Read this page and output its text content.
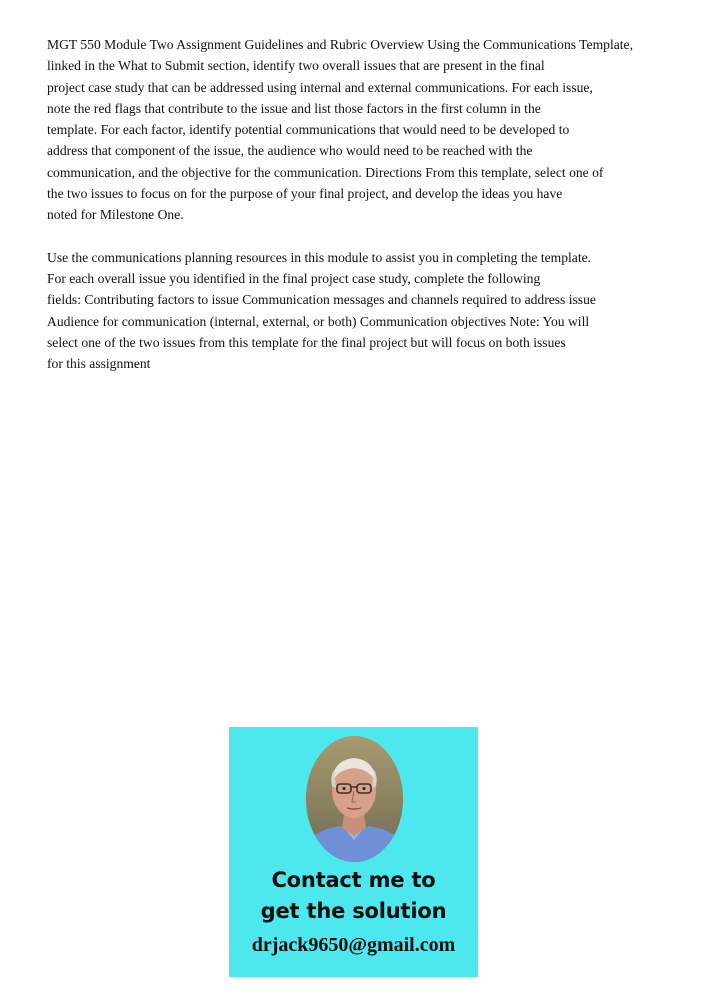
MGT 550 Module Two Assignment Guidelines and Rubric Overview Using the Communications Template,
linked in the What to Submit section, identify two overall issues that are present in the final
project case study that can be addressed using internal and external communications. For each issue,
note the red flags that contribute to the issue and list those factors in the first column in the
template. For each factor, identify potential communications that would need to be developed to
address that component of the issue, the audience who would need to be reached with the
communication, and the objective for the communication. Directions From this template, select one of
the two issues to focus on for the purpose of your final project, and develop the ideas you have
noted for Milestone One.
Use the communications planning resources in this module to assist you in completing the template.
For each overall issue you identified in the final project case study, complete the following
fields: Contributing factors to issue Communication messages and channels required to address issue
Audience for communication (internal, external, or both) Communication objectives Note: You will
select one of the two issues from this template for the final project but will focus on both issues
for this assignment
Contact me to
get the solution
drjack9650@gmail.com
